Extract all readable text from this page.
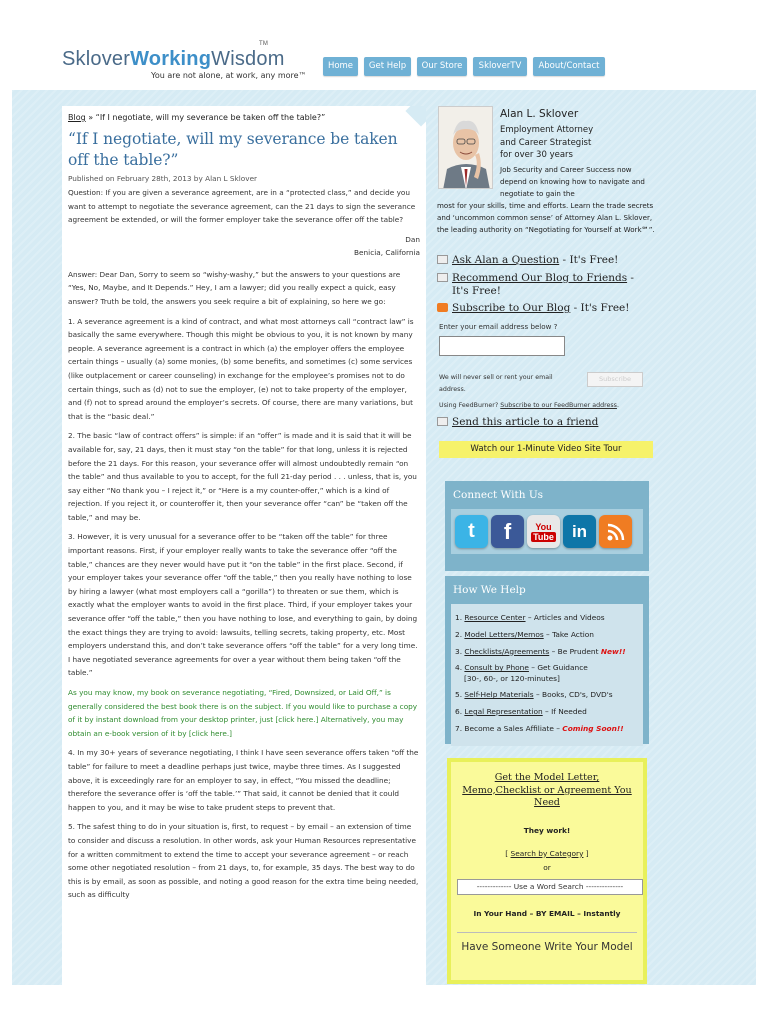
SkloverWorkingWisdom
TM
You are not alone, at work, any more™
Home	Get Help	Our Store	SkloverTV	About/Contact
Blog » “If I negotiate, will my severance be taken off the table?”
“If I negotiate, will my severance be taken off the table?”
Published on February 28th, 2013 by Alan L Sklover

Question: If you are given a severance agreement, are in a “protected class,” and decide you want to attempt to negotiate the severance agreement, can the 21 days to sign the severance agreement be extended, or will the former employer take the severance offer off the table?

Dan
Benicia, California

Answer: Dear Dan, Sorry to seem so “wishy-washy,” but the answers to your questions are “Yes, No, Maybe, and It Depends.” Hey, I am a lawyer; did you really expect a quick, easy answer? Truth be told, the answers you seek require a bit of explaining, so here we go:

1. A severance agreement is a kind of contract, and what most attorneys call “contract law” is basically the same everywhere. Though this might be obvious to you, it is not known by many people. A severance agreement is a contract in which (a) the employer offers the employee certain things – usually (a) some monies, (b) some benefits, and sometimes (c) some services (like outplacement or career counseling) in exchange for the employee’s promises not to do certain things, such as (d) not to sue the employer, (e) not to take property of the employer, and (f) not to spread around the employer’s secrets. Of course, there are many variations, but that is the “basic deal.”

2. The basic “law of contract offers” is simple: if an “offer” is made and it is said that it will be available for, say, 21 days, then it must stay “on the table” for that long, unless it is rejected before the 21 days. For this reason, your severance offer will almost undoubtedly remain “on the table” and thus available to you to accept, for the full 21-day period . . . unless, that is, you say either “No thank you – I reject it,” or “Here is a my counter-offer,” which is a kind of rejection. If you reject it, or counteroffer it, then your severance offer “can” be “taken off the table,” and may be.

3. However, it is very unusual for a severance offer to be “taken off the table” for three important reasons. First, if your employer really wants to take the severance offer “off the table,” chances are they never would have put it “on the table” in the first place. Second, if your employer takes your severance offer “off the table,” then you really have nothing to lose by hiring a lawyer (what most employers call a “gorilla”) to threaten or sue them, which is exactly what the employer wants to avoid in the first place. Third, if your employer takes your severance offer “off the table,” then you have nothing to lose, and everything to gain, by doing the exact things they are trying to avoid: lawsuits, telling secrets, taking property, etc. Most employers understand this, and don’t take severance offers “off the table” for a very long time. I have negotiated severance agreements for over a year without them being taken “off the table.”

As you may know, my book on severance negotiating, “Fired, Downsized, or Laid Off,” is generally considered the best book there is on the subject. If you would like to purchase a copy of it by instant download from your desktop printer, just [click here.] Alternatively, you may obtain an e-book version of it by [click here.]

4. In my 30+ years of severance negotiating, I think I have seen severance offers taken “off the table” for failure to meet a deadline perhaps just twice, maybe three times. As I suggested above, it is exceedingly rare for an employer to say, in effect, “You missed the deadline; therefore the severance offer is ‘off the table.’” That said, it cannot be denied that it could happen to you, and it may be wise to take prudent steps to prevent that.

5. The safest thing to do in your situation is, first, to request – by email – an extension of time to consider and discuss a resolution. In other words, ask your Human Resources representative for a written commitment to extend the time to accept your severance agreement – or reach some other negotiated resolution – from 21 days, to, for example, 35 days. The best way to do this is by email, as soon as possible, and noting a good reason for the extra time being needed, such as difficulty

Alan L. Sklover
Employment Attorney
and Career Strategist
for over 30 years
Job Security and Career Success now depend on knowing how to navigate and negotiate to gain the
most for your skills, time and efforts. Learn the trade secrets and ‘uncommon common sense’ of Attorney Alan L. Sklover, the leading authority on “Negotiating for Yourself at Work℠”.
Ask Alan a Question - It's Free!
Recommend Our Blog to Friends -
It's Free!
Subscribe to Our Blog - It's Free!
Enter your email address below ?
We will never sell or rent your email address.
Subscribe
Using FeedBurner? Subscribe to our FeedBurner address.
Send this article to a friend
Watch our 1-Minute Video Site Tour
Connect With Us
t	f	You
Tube	in
How We Help
1. Resource Center – Articles and Videos
2. Model Letters/Memos – Take Action
3. Checklists/Agreements – Be Prudent New!!
4. Consult by Phone – Get Guidance
[30-, 60-, or 120-minutes]
5. Self-Help Materials – Books, CD's, DVD's
6. Legal Representation – If Needed
7. Become a Sales Affiliate – Coming Soon!!
Get the Model Letter, Memo,Checklist or Agreement You Need
They work!
[ Search by Category ]
or
------------- Use a Word Search --------------
In Your Hand – BY EMAIL – Instantly
Have Someone Write Your Model
